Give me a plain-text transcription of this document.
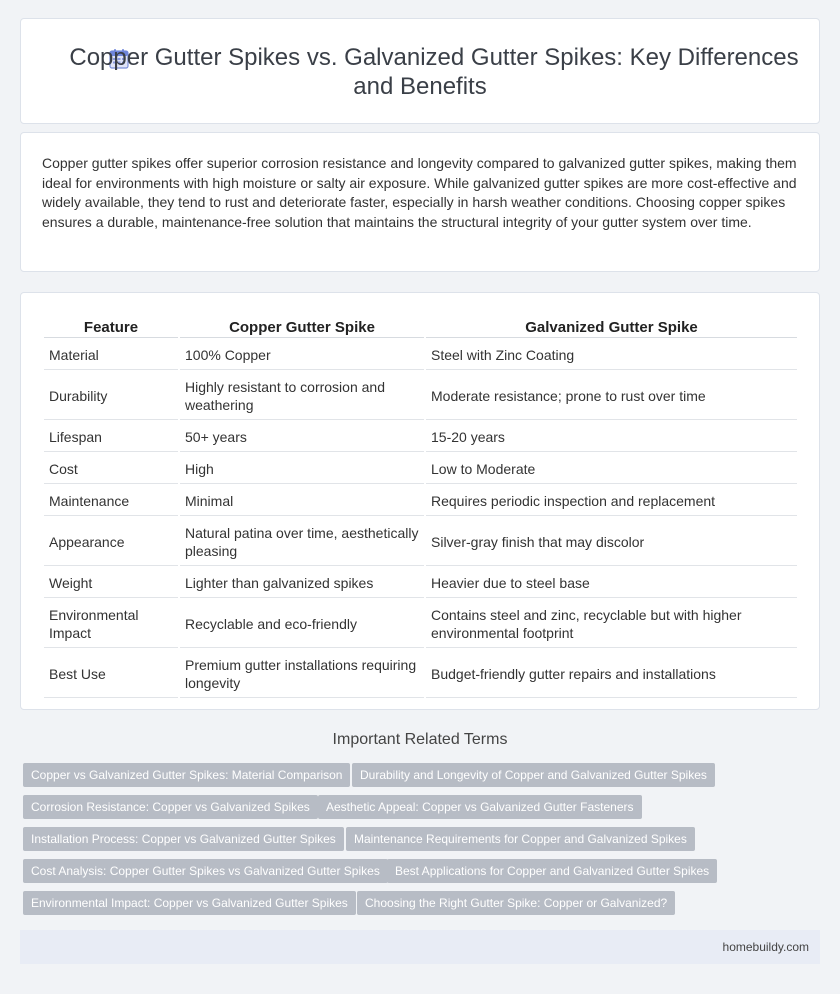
Copper Gutter Spikes vs. Galvanized Gutter Spikes: Key Differences and Benefits
Copper gutter spikes offer superior corrosion resistance and longevity compared to galvanized gutter spikes, making them ideal for environments with high moisture or salty air exposure. While galvanized gutter spikes are more cost-effective and widely available, they tend to rust and deteriorate faster, especially in harsh weather conditions. Choosing copper spikes ensures a durable, maintenance-free solution that maintains the structural integrity of your gutter system over time.
Feature	Copper Gutter Spike	Galvanized Gutter Spike
Material	100% Copper	Steel with Zinc Coating
Durability	Highly resistant to corrosion and weathering	Moderate resistance; prone to rust over time
Lifespan	50+ years	15-20 years
Cost	High	Low to Moderate
Maintenance	Minimal	Requires periodic inspection and replacement
Appearance	Natural patina over time, aesthetically pleasing	Silver-gray finish that may discolor
Weight	Lighter than galvanized spikes	Heavier due to steel base
Environmental Impact	Recyclable and eco-friendly	Contains steel and zinc, recyclable but with higher environmental footprint
Best Use	Premium gutter installations requiring longevity	Budget-friendly gutter repairs and installations
Important Related Terms
Copper vs Galvanized Gutter Spikes: Material Comparison	Durability and Longevity of Copper and Galvanized Gutter Spikes
Corrosion Resistance: Copper vs Galvanized Spikes	Aesthetic Appeal: Copper vs Galvanized Gutter Fasteners
Installation Process: Copper vs Galvanized Gutter Spikes	Maintenance Requirements for Copper and Galvanized Spikes
Cost Analysis: Copper Gutter Spikes vs Galvanized Gutter Spikes	Best Applications for Copper and Galvanized Gutter Spikes
Environmental Impact: Copper vs Galvanized Gutter Spikes	Choosing the Right Gutter Spike: Copper or Galvanized?
homebuildy.com
